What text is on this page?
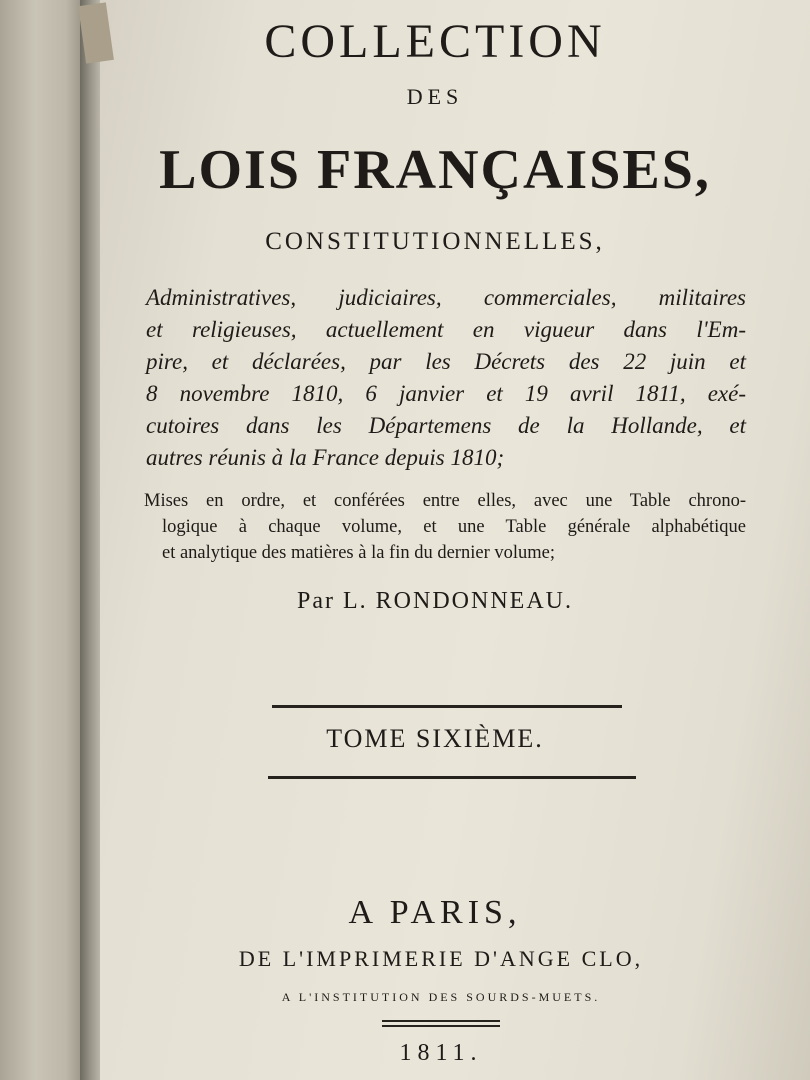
COLLECTION
DES
LOIS FRANÇAISES,
CONSTITUTIONNELLES,
Administratives, judiciaires, commerciales, militaires
et religieuses, actuellement en vigueur dans l'Em-
pire, et déclarées, par les Décrets des 22 juin et
8 novembre 1810, 6 janvier et 19 avril 1811, exé-
cutoires dans les Départemens de la Hollande, et
autres réunis à la France depuis 1810;
Mises en ordre, et conférées entre elles, avec une Table chrono-
logique à chaque volume, et une Table générale alphabétique
et analytique des matières à la fin du dernier volume;
Par L. RONDONNEAU.
TOME SIXIÈME.
A PARIS,
DE L'IMPRIMERIE D'ANGE CLO,
A L'INSTITUTION DES SOURDS-MUETS.
1811.
